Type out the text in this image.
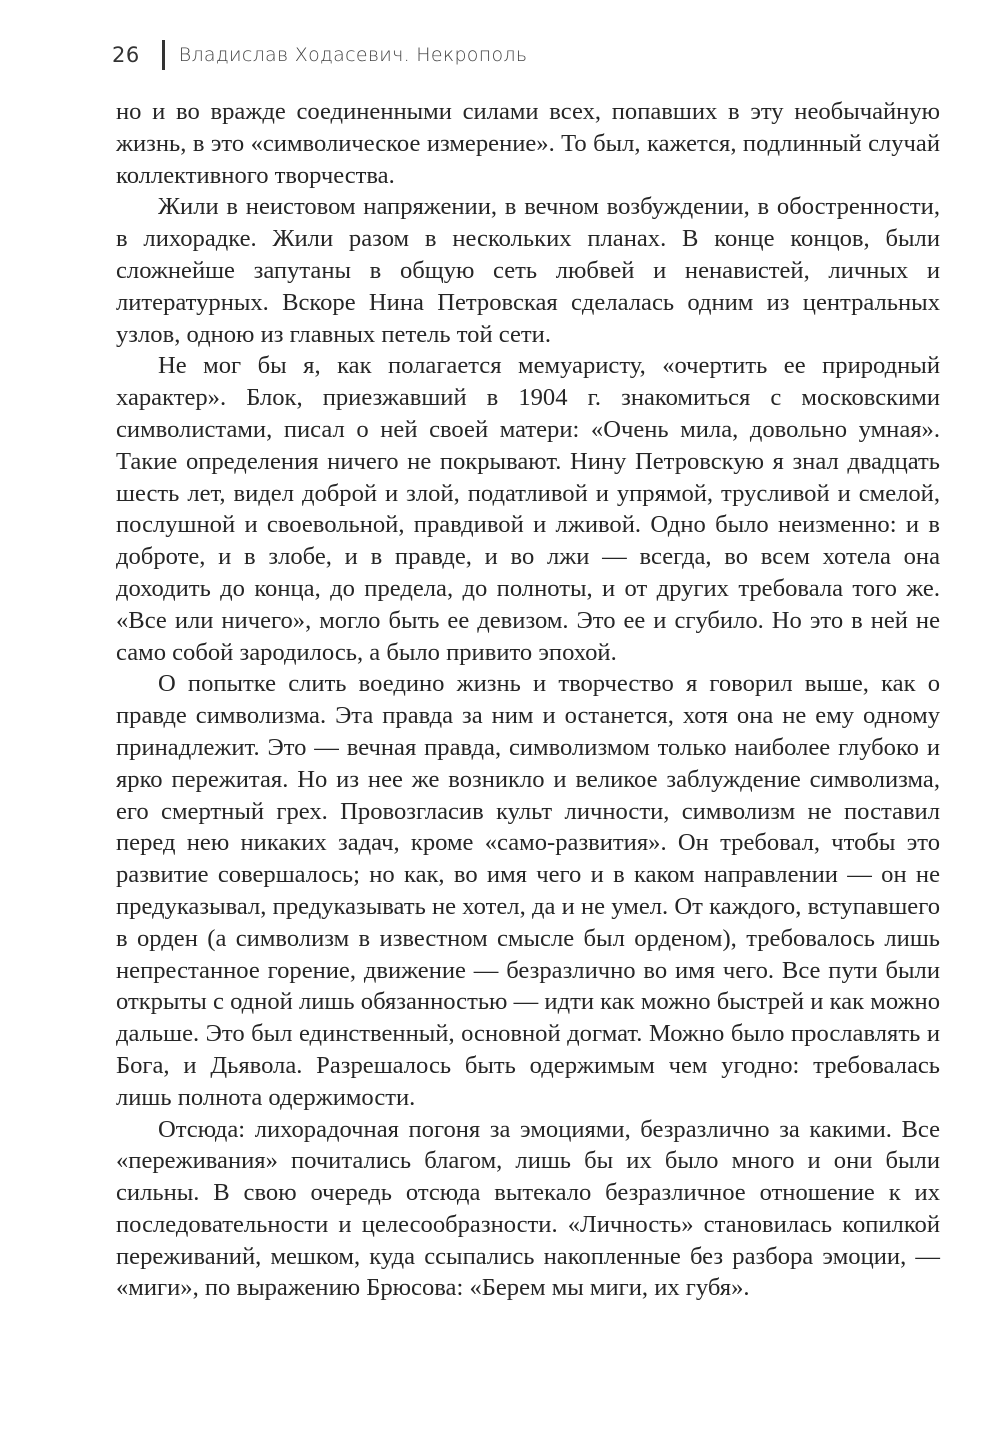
26 Владислав Ходасевич. Некрополь

но и во вражде соединенными силами всех, попавших в эту необычайную жизнь, в это «символическое измерение». То был, кажется, подлинный случай коллективного творчества.

Жили в неистовом напряжении, в вечном возбуждении, в обостренности, в лихорадке. Жили разом в нескольких планах. В конце концов, были сложнейше запутаны в общую сеть любвей и ненавистей, личных и литературных. Вскоре Нина Петровская сделалась одним из центральных узлов, одною из главных петель той сети.

Не мог бы я, как полагается мемуаристу, «очертить ее природный характер». Блок, приезжавший в 1904 г. знакомиться с московскими символистами, писал о ней своей матери: «Очень мила, довольно умная». Такие определения ничего не покрывают. Нину Петровскую я знал двадцать шесть лет, видел доброй и злой, податливой и упрямой, трусливой и смелой, послушной и своевольной, правдивой и лживой. Одно было неизменно: и в доброте, и в злобе, и в правде, и во лжи — всегда, во всем хотела она доходить до конца, до предела, до полноты, и от других требовала того же. «Все или ничего», могло быть ее девизом. Это ее и сгубило. Но это в ней не само собой зародилось, а было привито эпохой.

О попытке слить воедино жизнь и творчество я говорил выше, как о правде символизма. Эта правда за ним и останется, хотя она не ему одному принадлежит. Это — вечная правда, символизмом только наиболее глубоко и ярко пережитая. Но из нее же возникло и великое заблуждение символизма, его смертный грех. Провозгласив культ личности, символизм не поставил перед нею никаких задач, кроме «само-развития». Он требовал, чтобы это развитие совершалось; но как, во имя чего и в каком направлении — он не предуказывал, предуказывать не хотел, да и не умел. От каждого, вступавшего в орден (а символизм в известном смысле был орденом), требовалось лишь непрестанное горение, движение — безразлично во имя чего. Все пути были открыты с одной лишь обязанностью — идти как можно быстрей и как можно дальше. Это был единственный, основной догмат. Можно было прославлять и Бога, и Дьявола. Разрешалось быть одержимым чем угодно: требовалась лишь полнота одержимости.

Отсюда: лихорадочная погоня за эмоциями, безразлично за какими. Все «переживания» почитались благом, лишь бы их было много и они были сильны. В свою очередь отсюда вытекало безразличное отношение к их последовательности и целесообразности. «Личность» становилась копилкой переживаний, мешком, куда ссыпались накопленные без разбора эмоции, — «миги», по выражению Брюсова: «Берем мы миги, их губя».
